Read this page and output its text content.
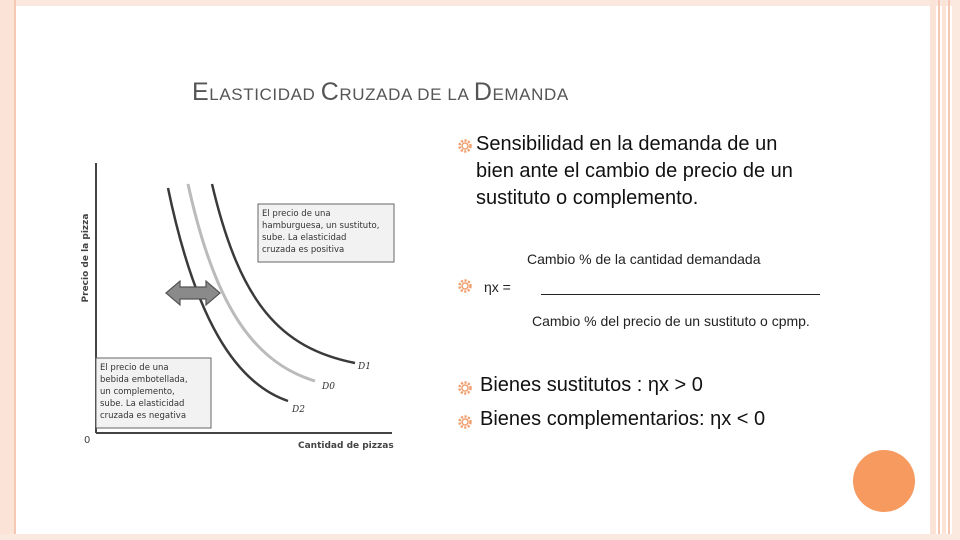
ELASTICIDAD CRUZADA DE LA DEMANDA
Precio de la pizza
0	Cantidad de pizzas
D1
D0
D2
El precio de una hamburguesa, un sustituto, sube. La elasticidad cruzada es positiva
El precio de una bebida embotellada, un complemento, sube. La elasticidad cruzada es negativa
Sensibilidad en la demanda de un
bien ante el cambio de precio de un
sustituto o complemento.
Cambio % de la cantidad demandada
ηx =
Cambio % del precio de un sustituto o cpmp.
Bienes sustitutos : ηx > 0
Bienes complementarios: ηx < 0
